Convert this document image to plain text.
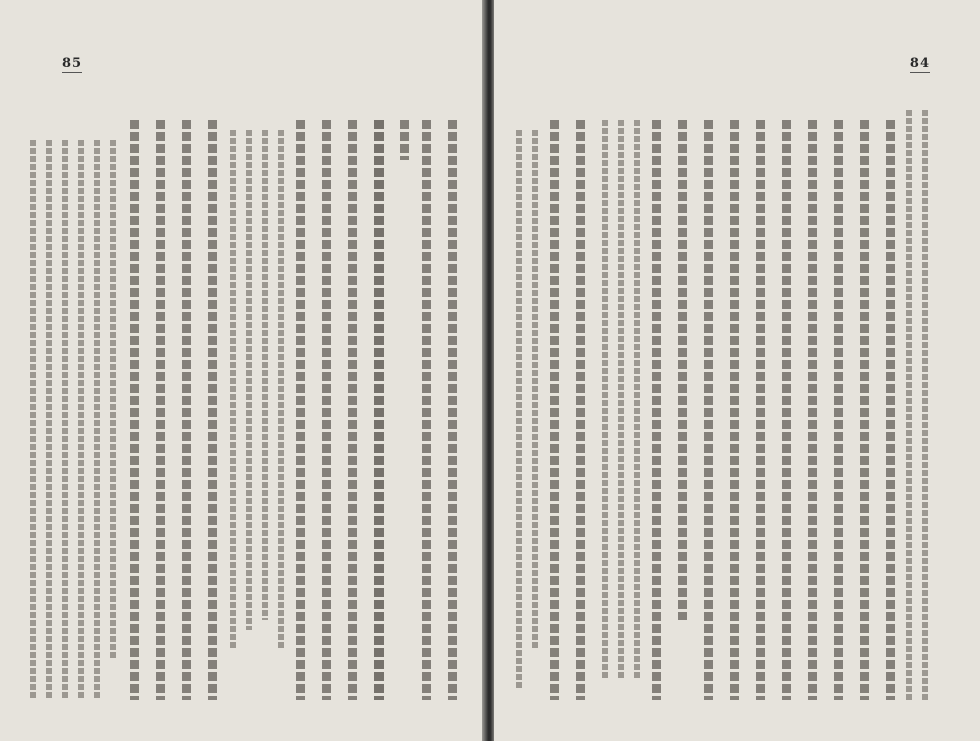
85	84
